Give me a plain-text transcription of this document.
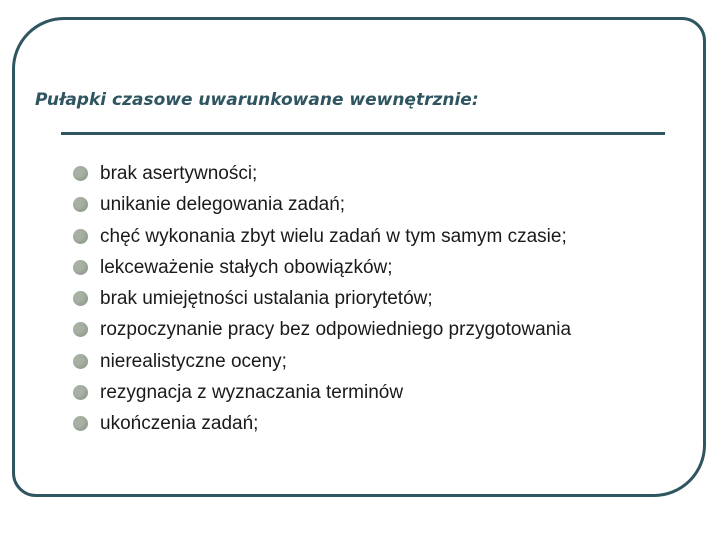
Pułapki czasowe uwarunkowane wewnętrznie:
brak asertywności;
unikanie delegowania zadań;
chęć wykonania zbyt wielu zadań w tym samym czasie;
lekceważenie stałych obowiązków;
brak umiejętności ustalania priorytetów;
rozpoczynanie pracy bez odpowiedniego przygotowania
nierealistyczne oceny;
rezygnacja z wyznaczania terminów
ukończenia zadań;
